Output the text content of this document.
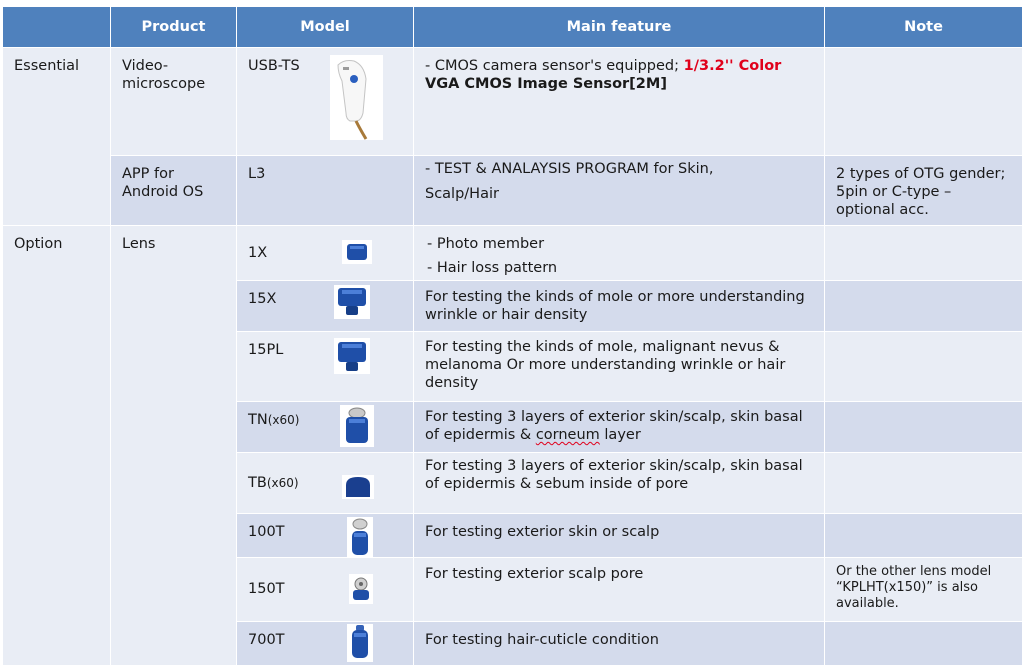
	Product	Model	Main feature	Note
Essential	Video-microscope	USB-TS	- CMOS camera sensor's equipped; 1/3.2'' Color
VGA CMOS Image Sensor[2M]	
	APP for Android OS	L3	- TEST & ANALAYSIS PROGRAM for Skin,
Scalp/Hair	2 types of OTG gender; 5pin or C-type – optional acc.
Option	Lens	1X	- Photo member
- Hair loss pattern	

		15X	For testing the kinds of mole or more understanding wrinkle or hair density	

		15PL	For testing the kinds of mole, malignant nevus & melanoma Or more understanding wrinkle or hair density	

		TN(x60)	For testing 3 layers of exterior skin/scalp, skin basal of epidermis & corneum layer	

		TB(x60)	For testing 3 layers of exterior skin/scalp, skin basal of epidermis & sebum inside of pore	

		100T	For testing exterior skin or scalp	

		150T	For testing exterior scalp pore	Or the other lens model “KPLHT(x150)” is also available.

		700T	For testing hair-cuticle condition	
